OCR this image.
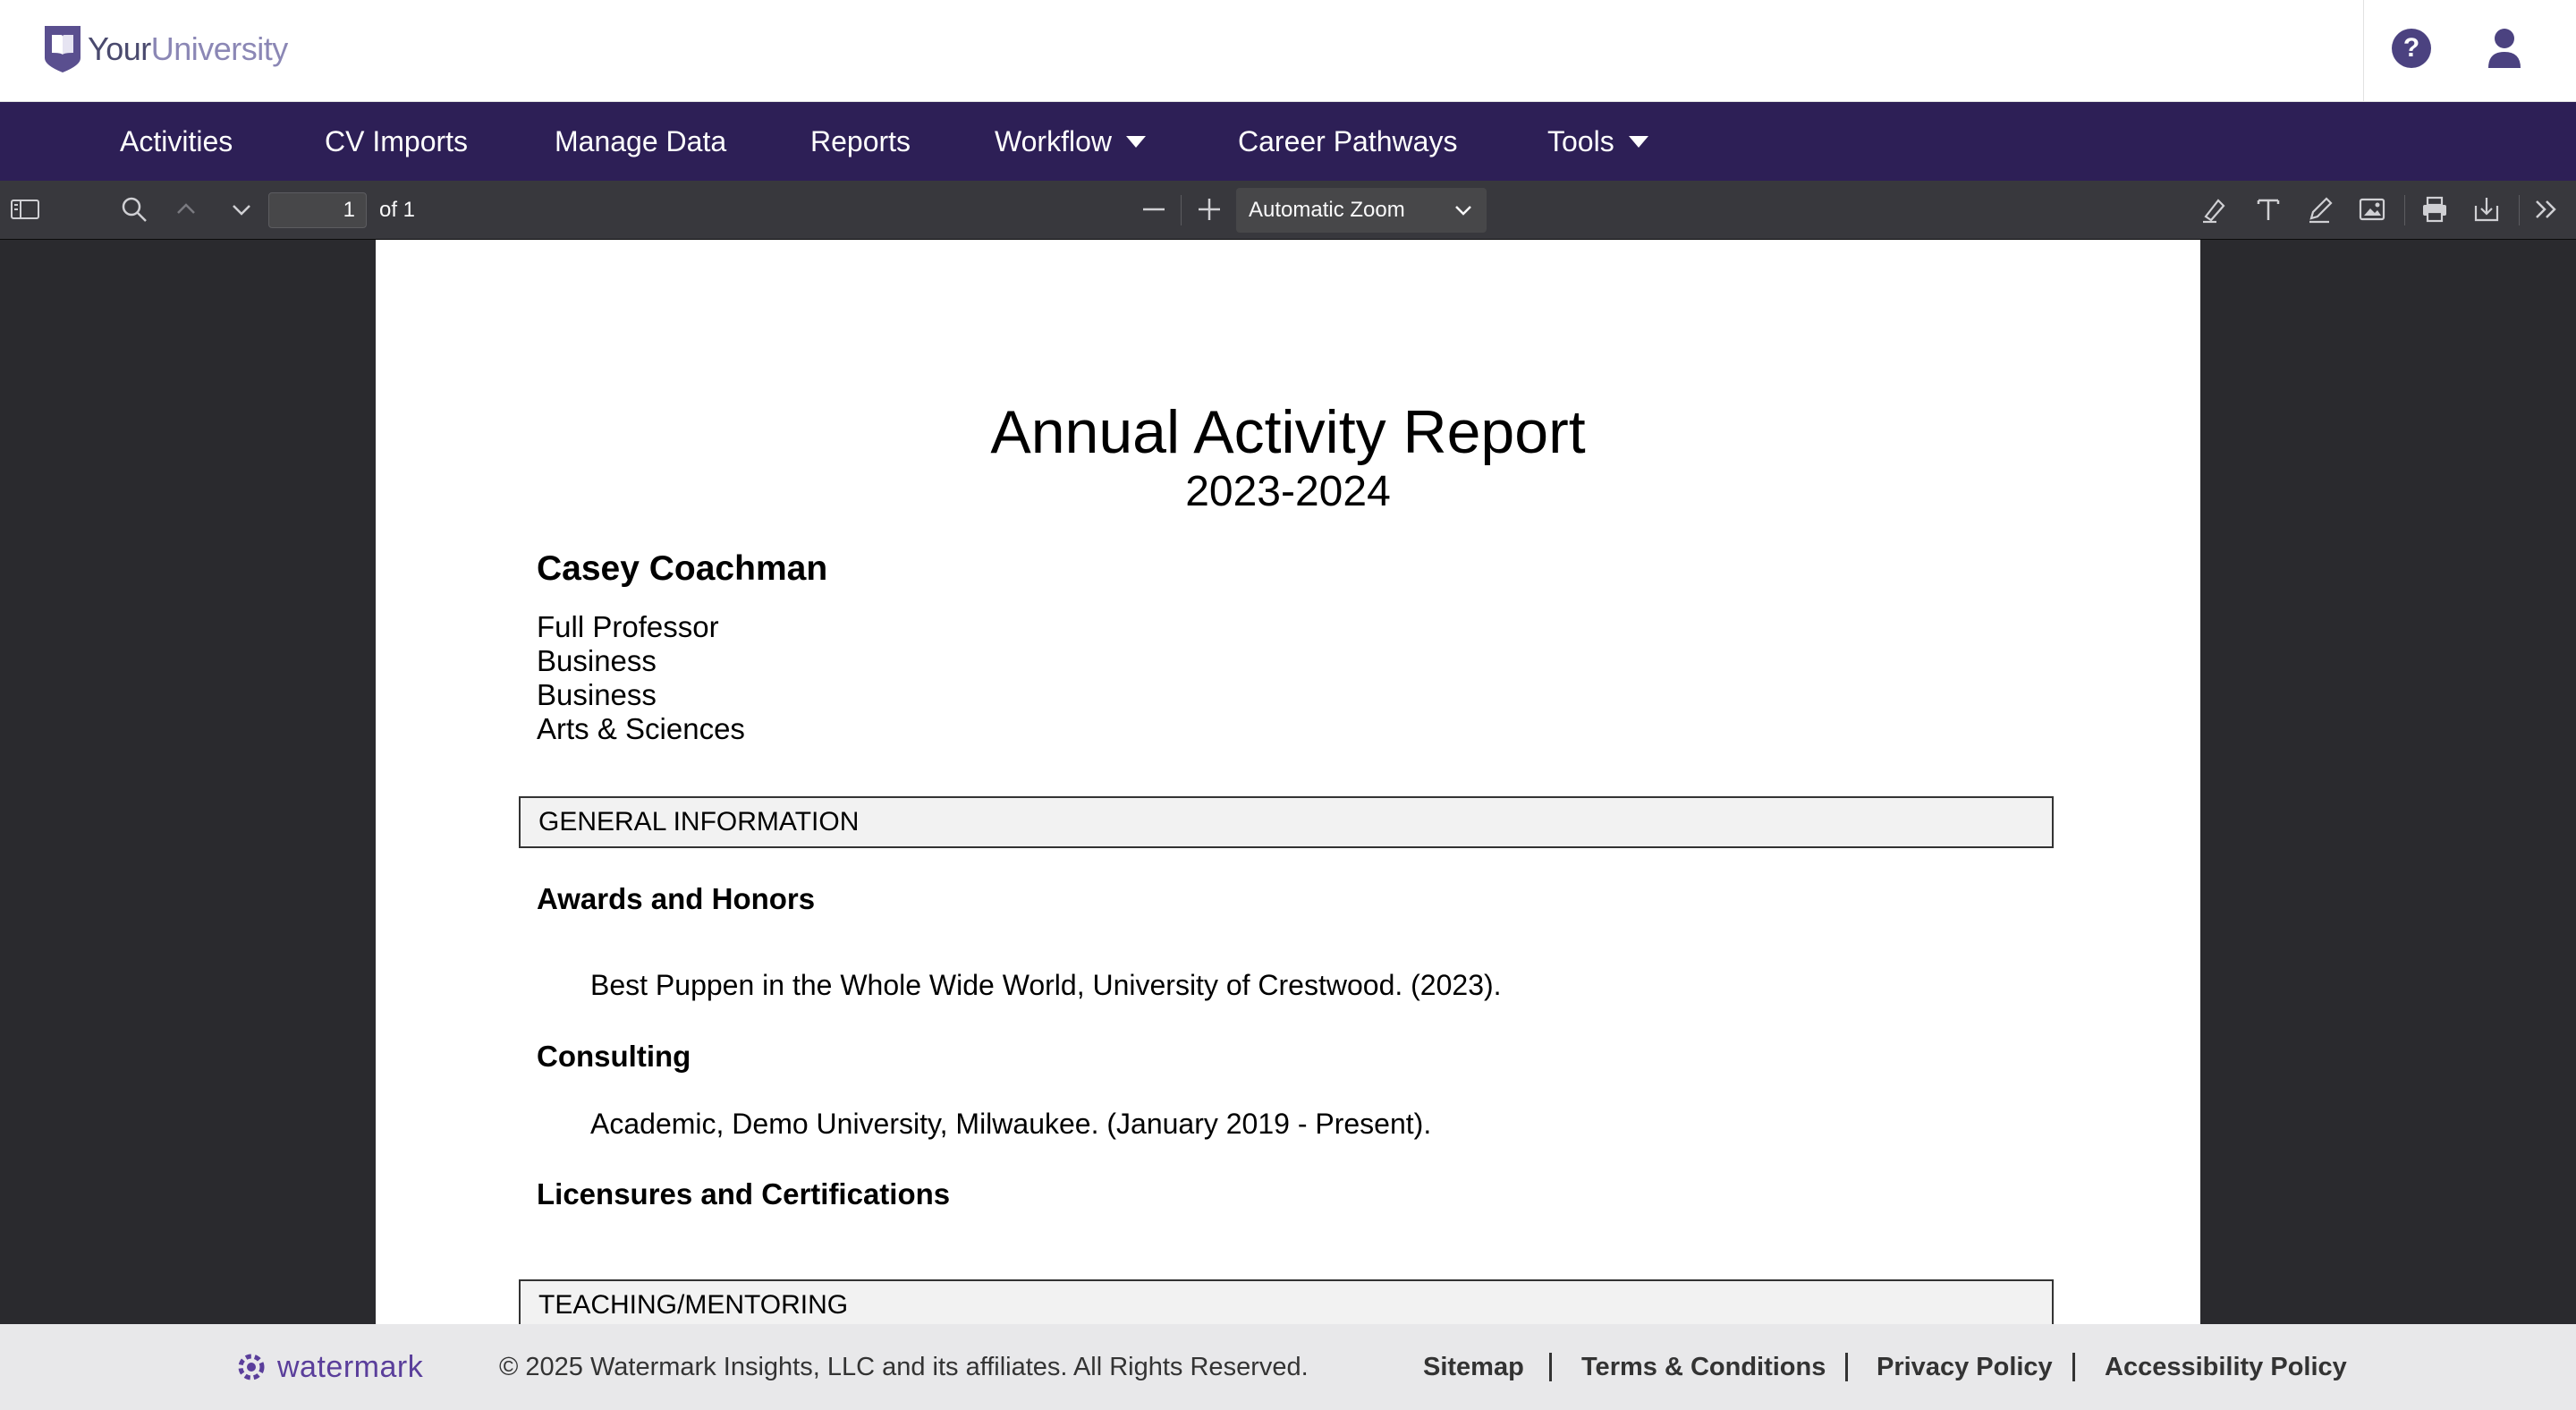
YourUniversity	?
Activities	CV Imports	Manage Data	Reports	Workflow	Career Pathways	Tools
1
of 1	Automatic Zoom
Annual Activity Report
2023-2024
Casey Coachman
Full Professor
Business
Business
Arts & Sciences
GENERAL INFORMATION
Awards and Honors
Best Puppen in the Whole Wide World, University of Crestwood. (2023).
Consulting
Academic, Demo University, Milwaukee. (January 2019 - Present).
Licensures and Certifications
TEACHING/MENTORING
watermark	© 2025 Watermark Insights, LLC and its affiliates. All Rights Reserved.	Sitemap Terms & Conditions Privacy Policy Accessibility Policy
